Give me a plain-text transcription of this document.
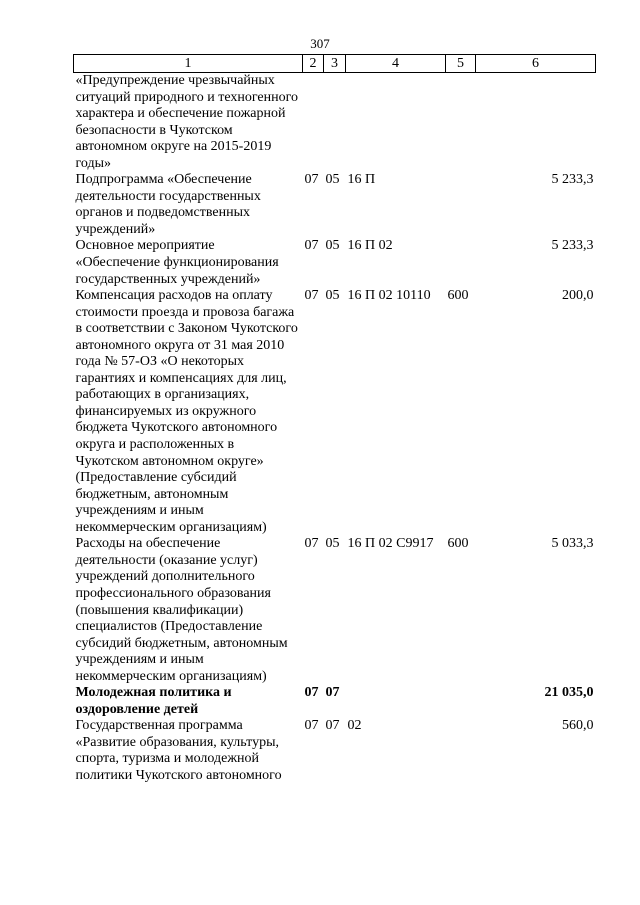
307
1	2	3	4	5	6
«Предупреждение чрезвычайных ситуаций природного и техногенного характера и обеспечение пожарной безопасности в Чукотском автономном округе на 2015-2019 годы»					
Подпрограмма «Обеспечение деятельности государственных органов и подведомственных учреждений»	07	05	16 П		5 233,3
Основное мероприятие «Обеспечение функционирования государственных учреждений»	07	05	16 П 02		5 233,3
Компенсация расходов на оплату стоимости проезда и провоза багажа в соответствии с Законом Чукотского автономного округа от 31 мая 2010 года № 57-ОЗ «О некоторых гарантиях и компенсациях для лиц, работающих в организациях, финансируемых из окружного бюджета Чукотского автономного округа и расположенных в Чукотском автономном округе» (Предоставление субсидий бюджетным, автономным учреждениям и иным некоммерческим организациям)	07	05	16 П 02 10110	600	200,0
Расходы на обеспечение деятельности (оказание услуг) учреждений дополнительного профессионального образования (повышения квалификации) специалистов (Предоставление субсидий бюджетным, автономным учреждениям и иным некоммерческим организациям)	07	05	16 П 02 С9917	600	5 033,3
Молодежная политика и оздоровление детей	07	07			21 035,0
Государственная программа «Развитие образования, культуры, спорта, туризма и молодежной политики Чукотского автономного	07	07	02		560,0
